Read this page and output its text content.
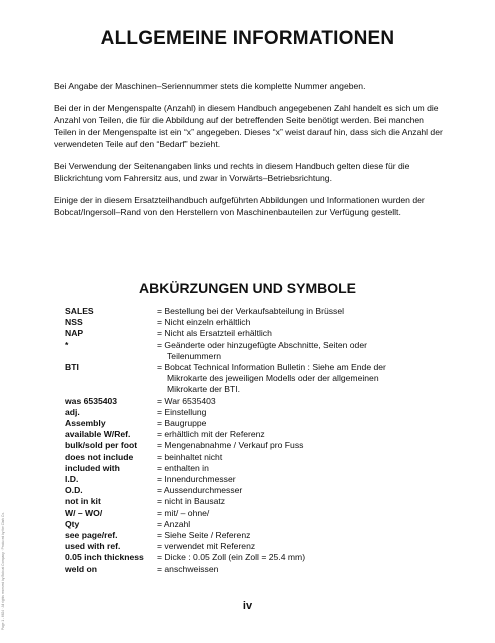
ALLGEMEINE INFORMATIONEN

Bei Angabe der Maschinen–Seriennummer stets die komplette Nummer angeben.

Bei der in der Mengenspalte (Anzahl) in diesem Handbuch angegebenen Zahl handelt es sich um die Anzahl von Teilen, die für die Abbildung auf der betreffenden Seite benötigt werden. Bei manchen Teilen in der Mengenspalte ist ein “x” angegeben. Dieses “x” weist darauf hin, dass sich die Anzahl der verwendeten Teile auf den “Bedarf” bezieht.

Bei Verwendung der Seitenangaben links und rechts in diesem Handbuch gelten diese für die Blickrichtung vom Fahrersitz aus, und zwar in Vorwärts–Betriebsrichtung.

Einige der in diesem Ersatzteilhandbuch aufgeführten Abbildungen und Informationen wurden der Bobcat/Ingersoll–Rand von den Herstellern von Maschinenbauteilen zur Verfügung gestellt.

ABKÜRZUNGEN UND SYMBOLE
SALES	= Bestellung bei der Verkaufsabteilung in Brüssel
NSS	= Nicht einzeln erhältlich
NAP	= Nicht als Ersatzteil erhältlich
*	= Geänderte oder hinzugefügte Abschnitte, Seiten oder
Teilenummern
BTI	= Bobcat Technical Information Bulletin : Siehe am Ende der
Mikrokarte des jeweiligen Modells oder der allgemeinen
Mikrokarte der BTI.
was 6535403	= War 6535403
adj.	= Einstellung
Assembly	= Baugruppe
available W/Ref.	= erhältlich mit der Referenz
bulk/sold per foot	= Mengenabnahme / Verkauf pro Fuss
does not include	= beinhaltet nicht
included with	= enthalten in
I.D.	= Innendurchmesser
O.D.	= Aussendurchmesser
not in kit	= nicht in Bausatz
W/ – WO/	= mit/ – ohne/
Qty	= Anzahl
see page/ref.	= Siehe Seite / Referenz
used with ref.	= verwendet mit Referenz
0.05 inch thickness	= Dicke : 0.05 Zoll (ein Zoll = 25.4 mm)
weld on	= anschweissen
iv
Page 1 - 6624 · All rights reserved by Bobcat Company · Produced by the Clark Co.
